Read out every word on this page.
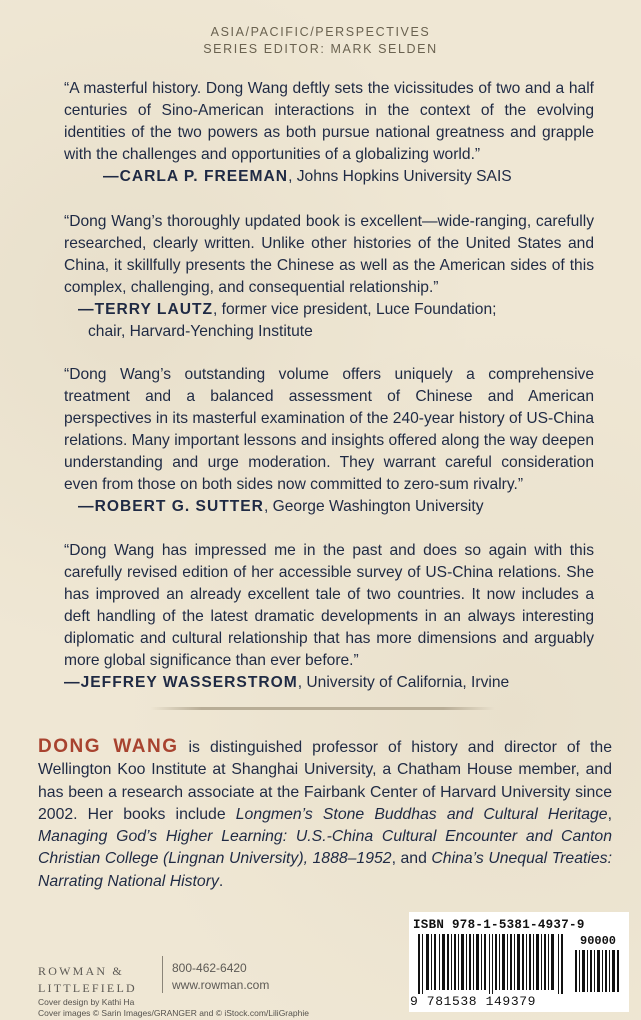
ASIA/PACIFIC/PERSPECTIVES
SERIES EDITOR: MARK SELDEN
“A masterful history. Dong Wang deftly sets the vicissitudes of two and a half centuries of Sino-American interactions in the context of the evolving identities of the two powers as both pursue national greatness and grapple with the challenges and opportunities of a globalizing world.”
—CARLA P. FREEMAN, Johns Hopkins University SAIS
“Dong Wang’s thoroughly updated book is excellent—wide-ranging, carefully researched, clearly written. Unlike other histories of the United States and China, it skillfully presents the Chinese as well as the American sides of this complex, challenging, and consequential relationship.”
—TERRY LAUTZ, former vice president, Luce Foundation;
chair, Harvard-Yenching Institute
“Dong Wang’s outstanding volume offers uniquely a comprehensive treatment and a balanced assessment of Chinese and American perspectives in its masterful examination of the 240-year history of US-China relations. Many important lessons and insights offered along the way deepen understanding and urge moderation. They warrant careful consideration even from those on both sides now committed to zero-sum rivalry.”
—ROBERT G. SUTTER, George Washington University
“Dong Wang has impressed me in the past and does so again with this carefully revised edition of her accessible survey of US-China relations. She has improved an already excellent tale of two countries. It now includes a deft handling of the latest dramatic developments in an always interesting diplomatic and cultural relationship that has more dimensions and arguably more global significance than ever before.”
—JEFFREY WASSERSTROM, University of California, Irvine
DONG WANG is distinguished professor of history and director of the Wellington Koo Institute at Shanghai University, a Chatham House member, and has been a research associate at the Fairbank Center of Harvard University since 2002. Her books include Longmen’s Stone Buddhas and Cultural Heritage, Managing God’s Higher Learning: U.S.-China Cultural Encounter and Canton Christian College (Lingnan University), 1888–1952, and China’s Unequal Treaties: Narrating National History.
ROWMAN &
LITTLEFIELD
800-462-6420
www.rowman.com
Cover design by Kathi Ha
Cover images © Sarin Images/GRANGER and © iStock.com/LiliGraphie
ISBN 978-1-5381-4937-9
90000
9 781538 149379
